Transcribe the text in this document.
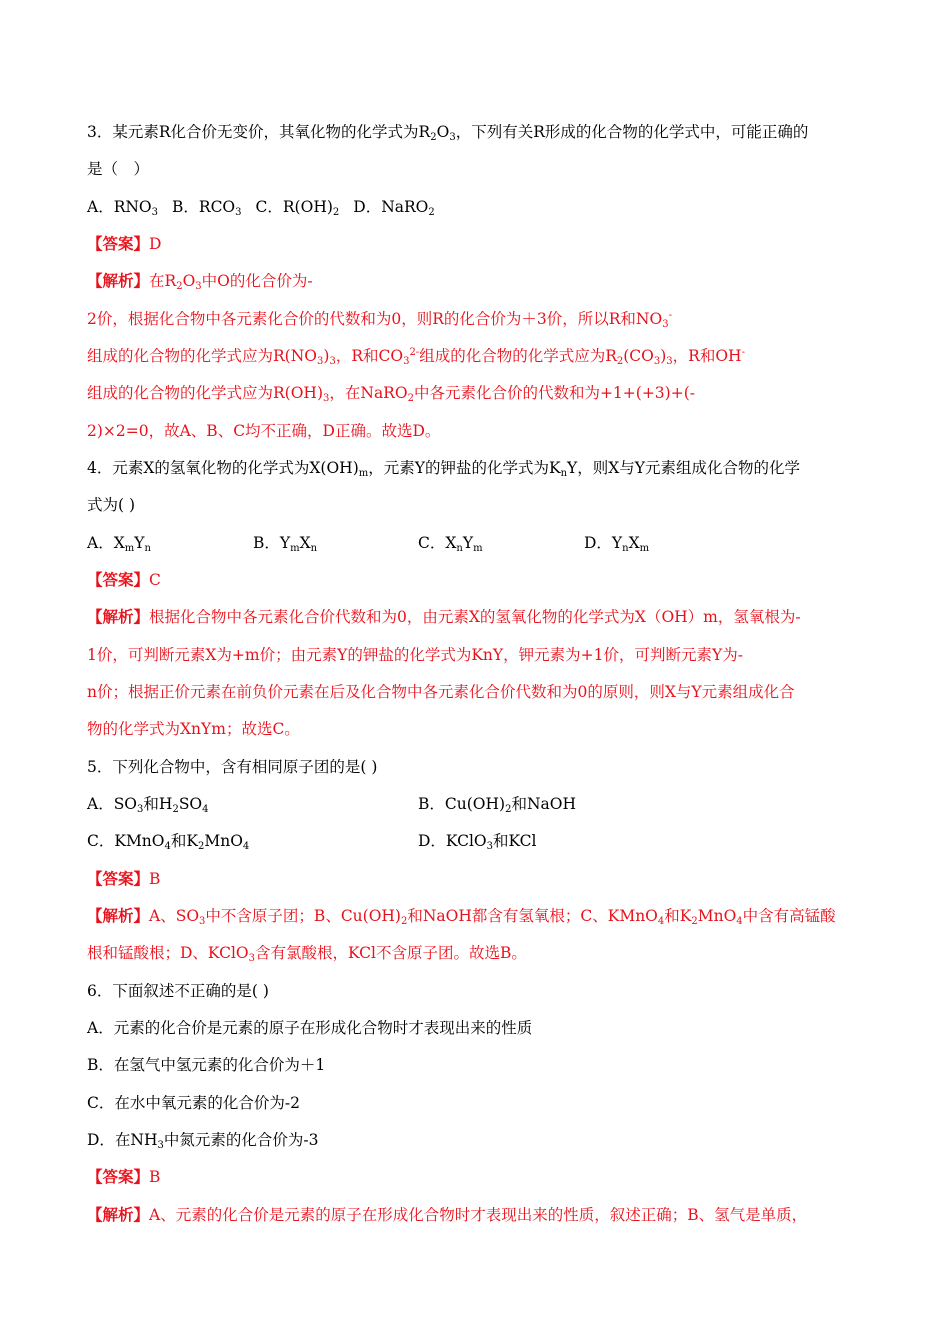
3．某元素R化合价无变价，其氧化物的化学式为$R_2O_3$，下列有关R形成的化合物的化学式中，可能正确的
是（　）
A．$RNO_3$ B．$RCO_3$ C．$R(OH)_2$ D．NaRO$_2$
【答案】D
【解析】在$R_2O_3$中O的化合价为-
2价，根据化合物中各元素化合价的代数和为0，则R的化合价为＋3价，所以R和$NO_3^-$
组成的化合物的化学式应为$R(NO_3)_3$，R和$CO_3^{2-}$组成的化合物的化学式应为$R_2(CO_3)_3$，R和OH-
组成的化合物的化学式应为$R(OH)_3$，在NaRO$_2$中各元素化合价的代数和为+1+(+3)+(-
2)×2=0，故A、B、C均不正确，D正确。故选D。
4．元素X的氢氧化物的化学式为$X(OH)_m$，元素Y的钾盐的化学式为$K_nY$，则X与Y元素组成化合物的化学
式为( )
A．$X_mY_n$	B．$Y_mX_n$	C．$X_nY_m$	D．$Y_nX_m$
【答案】C
【解析】根据化合物中各元素化合价代数和为0，由元素X的氢氧化物的化学式为X（OH）m，氢氧根为-
1价，可判断元素X为+m价；由元素Y的钾盐的化学式为KnY，钾元素为+1价，可判断元素Y为-
n价；根据正价元素在前负价元素在后及化合物中各元素化合价代数和为0的原则，则X与Y元素组成化合
物的化学式为XnYm；故选C。
5．下列化合物中，含有相同原子团的是( )
A．$SO_3$和$H_2SO_4$	B．$Cu(OH)_2$和NaOH
C．KMnO$_4$和$K_2MnO_4$	D．KClO$_3$和KCl
【答案】B
【解析】A、$SO_3$中不含原子团；B、$Cu(OH)_2$和NaOH都含有氢氧根；C、KMnO$_4$和$K_2MnO_4$中含有高锰酸
根和锰酸根；D、KClO$_3$含有氯酸根，KCl不含原子团。故选B。
6．下面叙述不正确的是( )
A．元素的化合价是元素的原子在形成化合物时才表现出来的性质
B．在氢气中氢元素的化合价为＋1
C．在水中氧元素的化合价为-2
D．在$NH_3$中氮元素的化合价为-3
【答案】B
【解析】A、元素的化合价是元素的原子在形成化合物时才表现出来的性质，叙述正确；B、氢气是单质，
